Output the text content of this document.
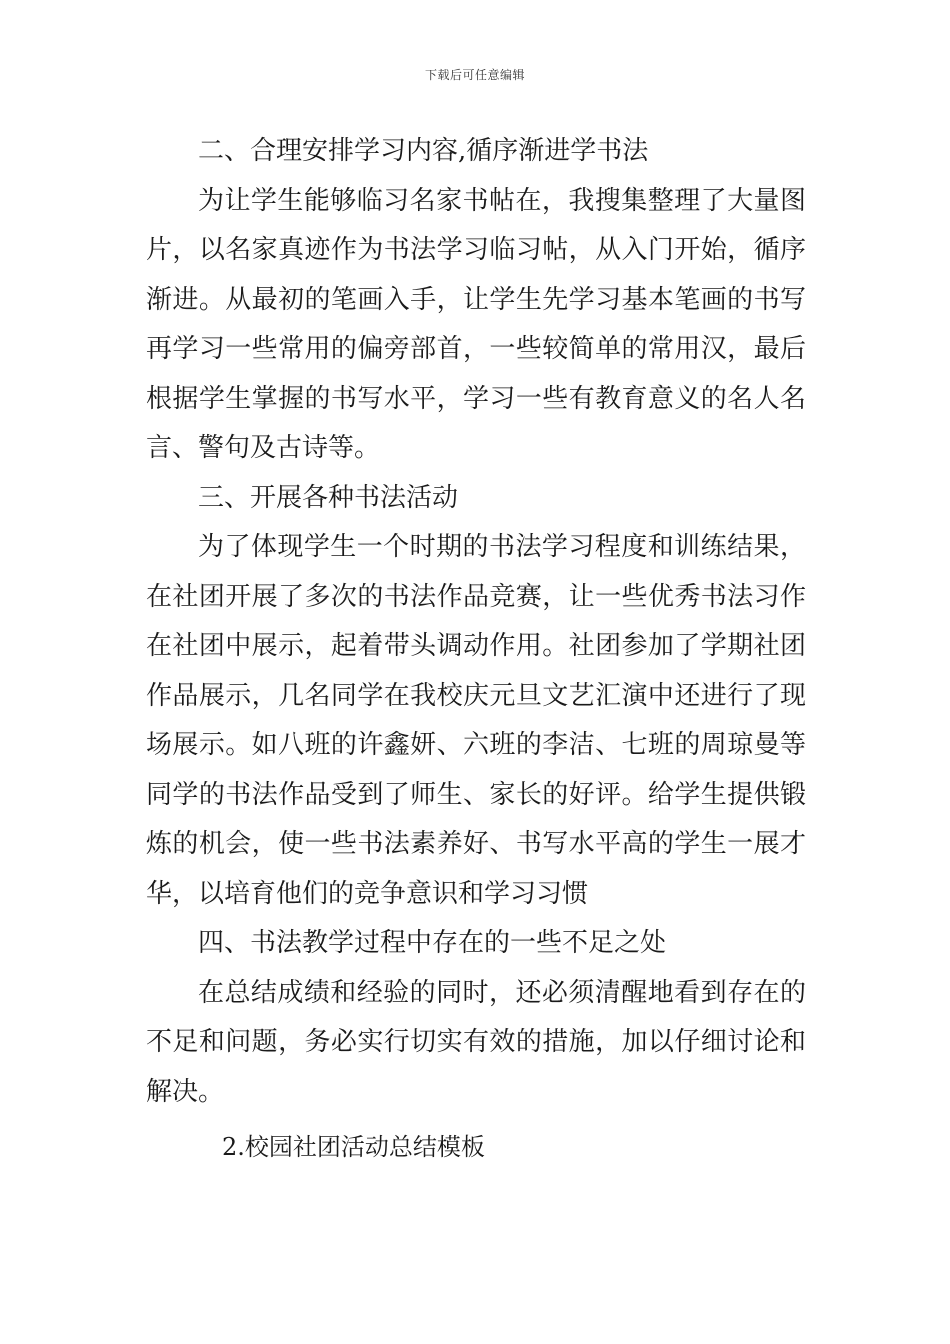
下载后可任意编辑

二、合理安排学习内容,循序渐进学书法

为让学生能够临习名家书帖在，我搜集整理了大量图片，以名家真迹作为书法学习临习帖，从入门开始，循序渐进。从最初的笔画入手，让学生先学习基本笔画的书写再学习一些常用的偏旁部首，一些较简单的常用汉，最后根据学生掌握的书写水平，学习一些有教育意义的名人名言、警句及古诗等。

三、开展各种书法活动

为了体现学生一个时期的书法学习程度和训练结果，在社团开展了多次的书法作品竞赛，让一些优秀书法习作在社团中展示，起着带头调动作用。社团参加了学期社团作品展示，几名同学在我校庆元旦文艺汇演中还进行了现场展示。如八班的许鑫妍、六班的李洁、七班的周琼曼等同学的书法作品受到了师生、家长的好评。给学生提供锻炼的机会，使一些书法素养好、书写水平高的学生一展才华，以培育他们的竞争意识和学习习惯

四、书法教学过程中存在的一些不足之处

在总结成绩和经验的同时，还必须清醒地看到存在的不足和问题，务必实行切实有效的措施，加以仔细讨论和解决。

2.校园社团活动总结模板
